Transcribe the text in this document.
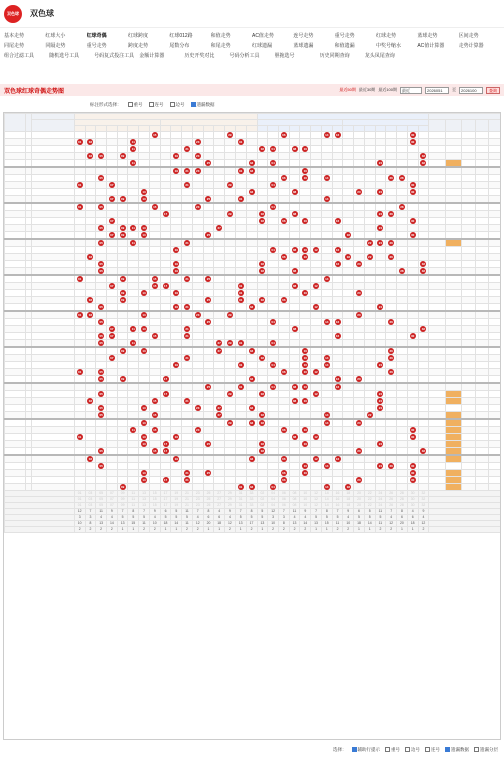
双色球	双色球
基本走势	红球大小	红球奇偶	红球跨度	红球012路	和值走势	AC值走势	连号走势	重号走势	红球走势	蓝球走势	区间走势
同尾走势	同隔走势	重号走势	跨度走势	尾数分布	和尾走势	红球遗漏	蓝球遗漏	和值遗漏	中奖号缩水	AC值计算器	走势计算器
组合过滤工具	随机选号工具	号码复式投注工具	金额计算器	历史开奖对比	号码分析工具	胆拖选号	历史同期查询	龙头凤尾查询
双色球红球奇偶走势图	最近50期 最近30期 最近100期	最近	2026051	至	2026100	查询
标注形式选择：	重号	连号	边号	遗漏数据

										15							29					06				14	16							30						
			01	03				11						23				31																30						
								11					21							02	04		08	10																
				03	05		09					19		23																					32					
								11							25				33		04										24				32					
												19	21	23				31	33					10																
					05																	06		10		14						26	28							
			01			07							21				29				04													30						
									13										33				08						20		24			30						
						07	09		13						25			31								14														
			01		05					15				23							04												28							
											17						29			02			08								24	26								
						07														02		06		10			16							30						
					05		09	11	13							27															24									
						07	09		13						25													18						30						
					05			11					21																	22	24	26								
												19									04		08	10	12		16													
				03																		06		10				18		22		26								
					05							19								02							16		20						32					
					05							19								02			08										28		32					
			01				09			15			21		25											14														
						07				15	17							31					08		12															
							09		13			19						31						10					20											
				03			09								25			31		02		06																		
					05							19	21						33						12						24									
			01	03					13					23			29												20											
					05										25						04					14	16					26								
						07		11	13				21										08												32					
					05	07				15			21														16							30						
					05			11								27	29	31			04																			
							09		13							27			33					10								26								
						07							21							02				10		14						26								
												19						31			04			10		14					24									
			01		05																	06		10	12							26								
					05		09				17								33								16		20											
															25			31			04		08	10			16													
					05						17						29			02					12						24									
				03						15			21										08	10							24									
					05				13					23		27			33												24									
					05					15						27				02						14				22										
									13								29		33	02						14			20											
								11		15				23								06		10										30						
			01						13			19											08		12									30						
									13		17				25					02				10							24									
					05					15	17									02									20						32					
				03								19							33			06			12		16													
					05																			10		14					24	26		30						
									13				21		25							06		10										30						
									13		17		21									06							20					30						
							09											31	33		04					14		18												
			01	03	05	07	09	11	13	15	17	19	21	23	25	27	29	31	33	02	04	06	08	10	12	14	16	18	20	22	24	26	28	30	32					
			01	03	05	07	09	11	13	15	17	19	21	23	25	27	29	31	33	02	04	06	08	10	12	14	16	18	20	22	24	26	28	30	32					
			01	03	05	07	09	11	13	15	17	19	21	23	25	27	29	31	33	02	04	06	08	10	12	14	16	18	20	22	24	26	28	30	32					
			12	7	11	9	7	8	7	9	6	5	11	7	8	4	9	7	8	5	12	7	11	9	7	8	7	9	6	5	11	7	8	4	9					
			3	3	4	4	5	5	5	4	5	5	5	4	6	6	4	5	5	5	3	3	4	4	5	5	5	4	5	5	5	4	6	6	4					
			10	8	13	14	13	15	11	10	18	14	11	12	20	18	12	13	17	13	10	8	13	14	13	15	11	10	18	14	11	12	20	18	12					
			2	2	2	2	1	1	2	2	1	1	2	2	1	1	2	1	2	1	2	2	2	2	1	1	2	2	1	1	2	2	1	1	2					
选择：	辅助行提示	重号	边号	连号	遗漏数据	遗漏分层
